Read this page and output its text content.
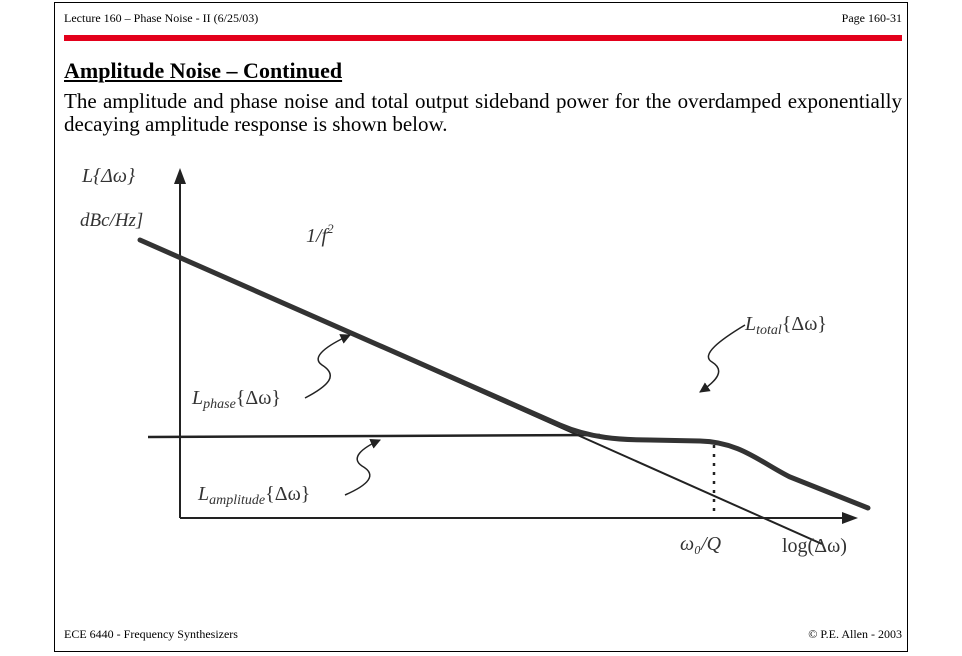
Lecture 160 – Phase Noise - II (6/25/03)	Page 160-31
Amplitude Noise – Continued
The amplitude and phase noise and total output sideband power for the overdamped exponentially decaying amplitude response is shown below.
L{Δω}
dBc/Hz]
$1/f^2$
$L_{total}\{\Delta\omega\}$
$L_{phase}\{\Delta\omega\}$
$L_{amplitude}\{\Delta\omega\}$
ω₀/Q	log(Δω)
ECE 6440 - Frequency Synthesizers	© P.E. Allen - 2003
